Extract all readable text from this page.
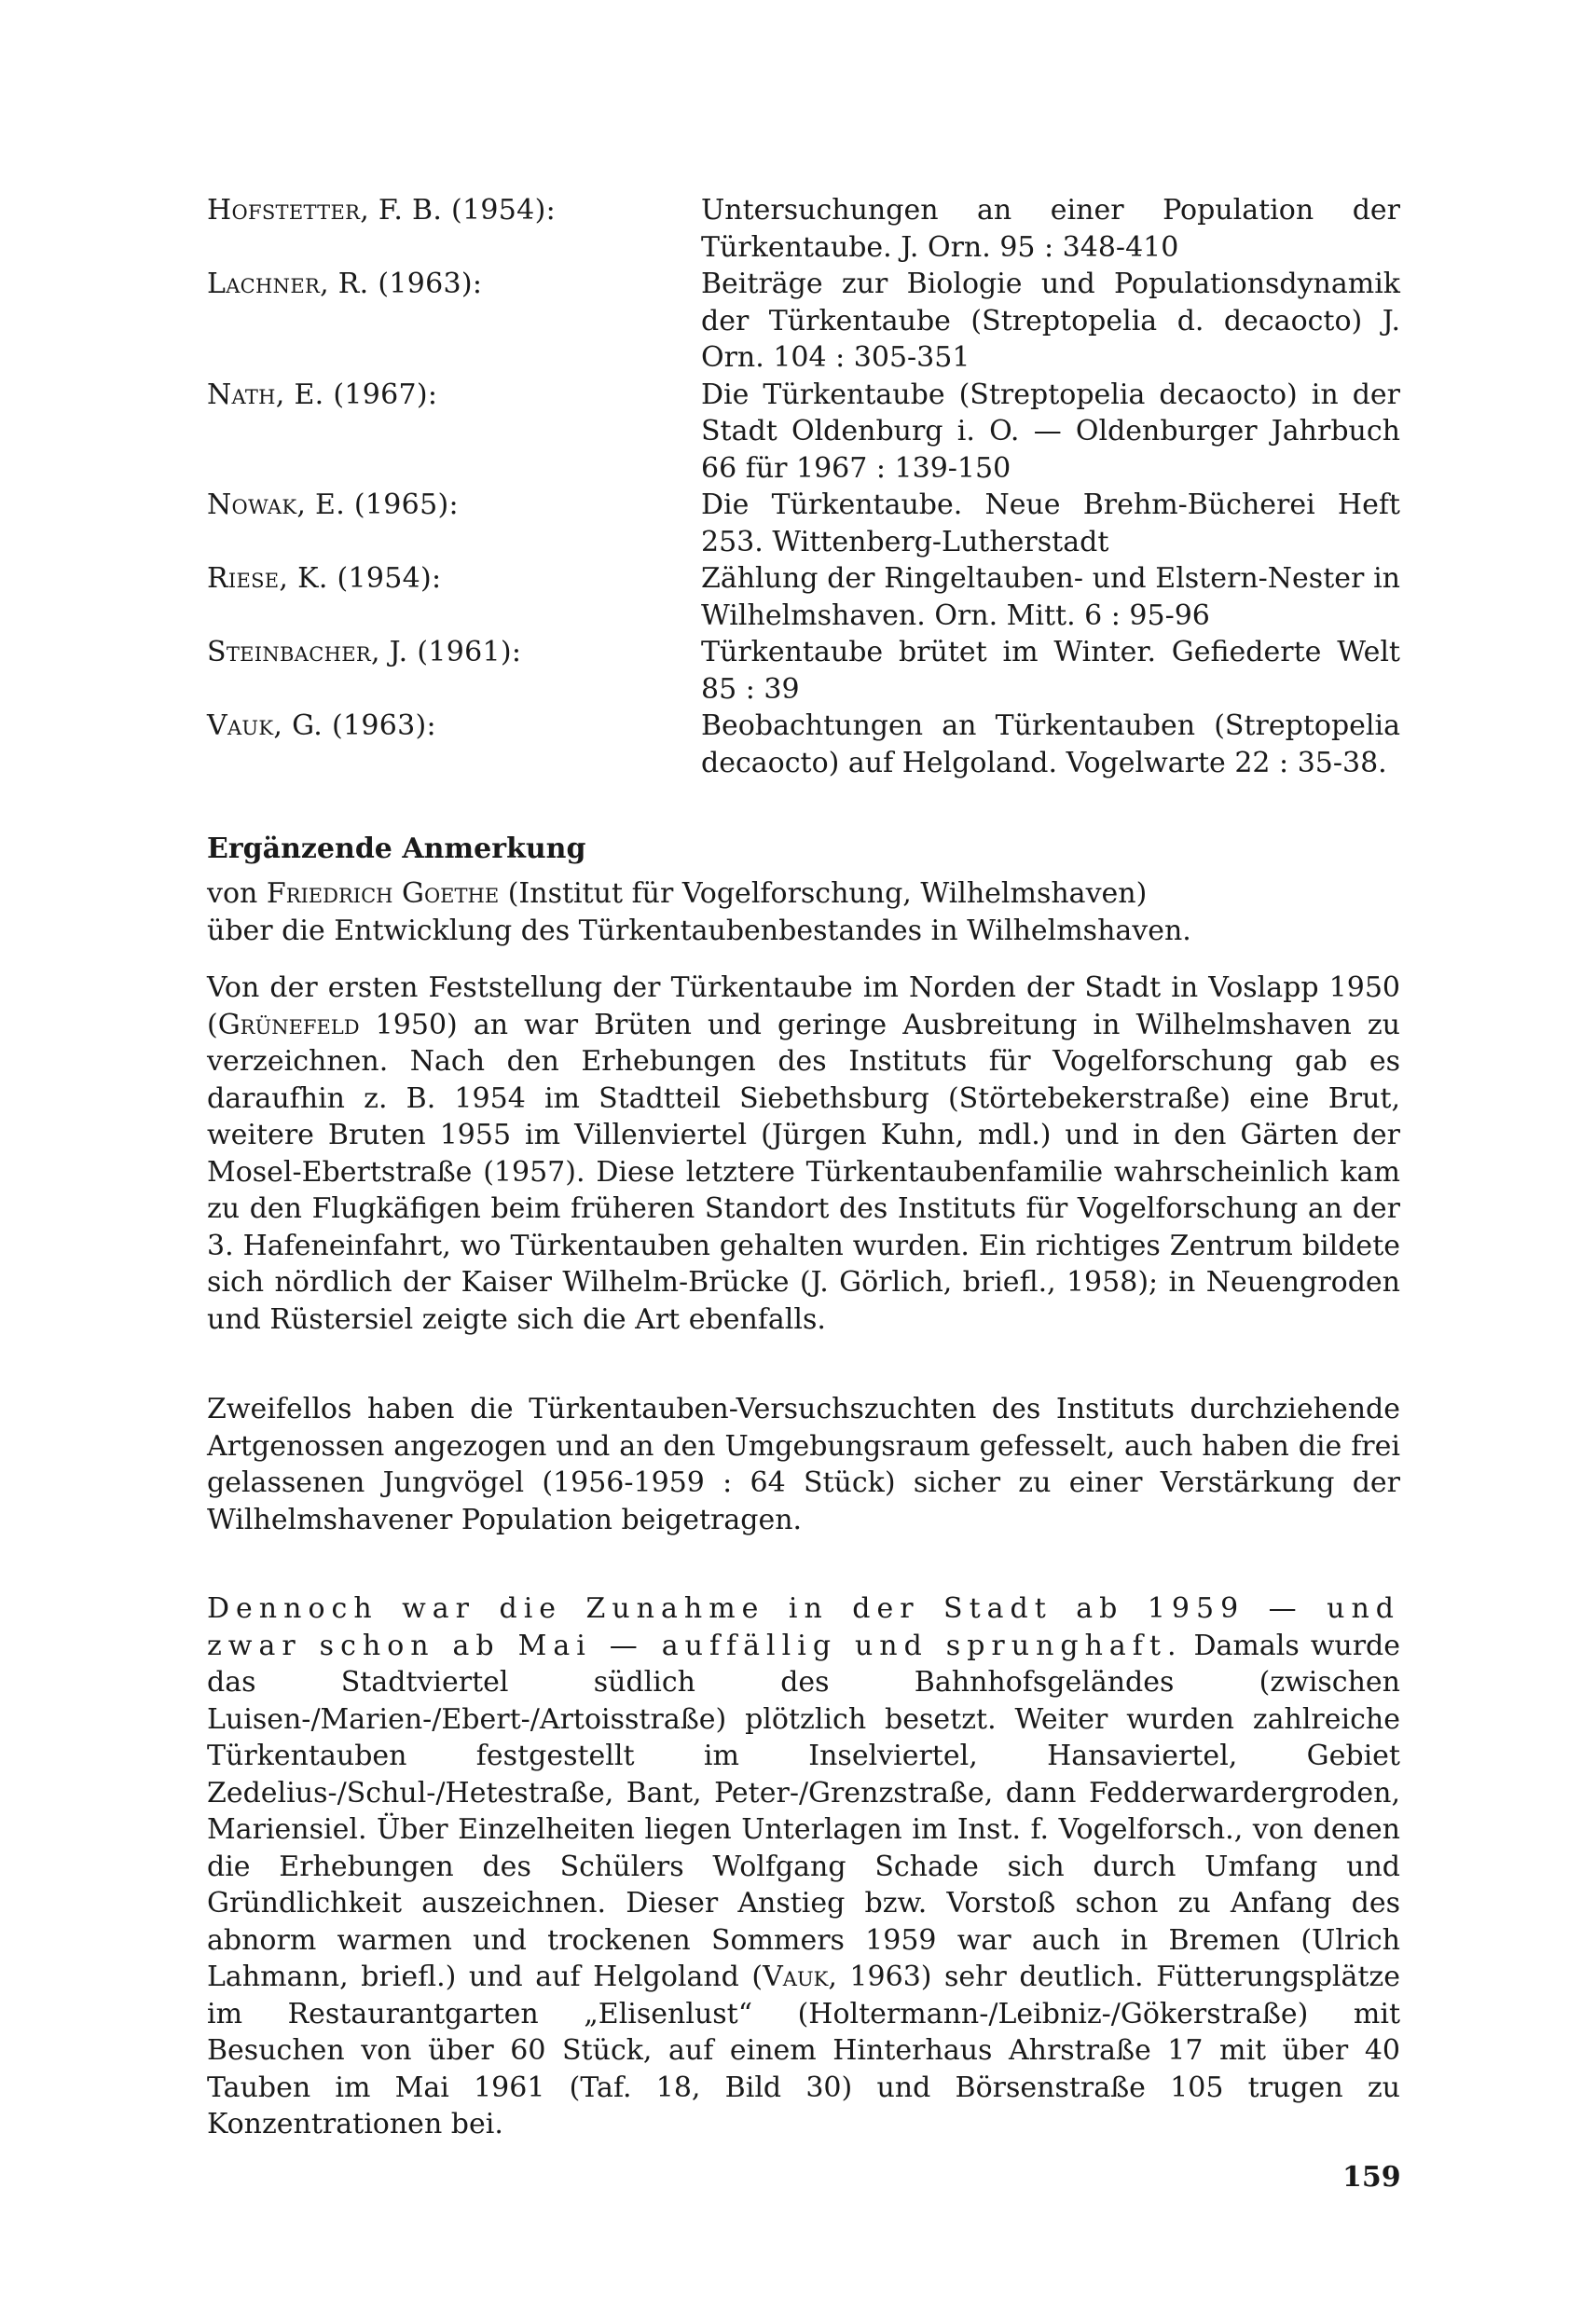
Hofstetter, F. B. (1954):	Untersuchungen an einer Population der Türkentaube. J. Orn. 95 : 348-410
Lachner, R. (1963):	Beiträge zur Biologie und Populationsdynamik der Türkentaube (Streptopelia d. decaocto) J. Orn. 104 : 305-351
Nath, E. (1967):	Die Türkentaube (Streptopelia decaocto) in der Stadt Oldenburg i. O. — Oldenburger Jahrbuch 66 für 1967 : 139-150
Nowak, E. (1965):	Die Türkentaube. Neue Brehm-Bücherei Heft 253. Wittenberg-Lutherstadt
Riese, K. (1954):	Zählung der Ringeltauben- und Elstern-Nester in Wilhelmshaven. Orn. Mitt. 6 : 95-96
Steinbacher, J. (1961):	Türkentaube brütet im Winter. Gefiederte Welt 85 : 39
Vauk, G. (1963):	Beobachtungen an Türkentauben (Streptopelia decaocto) auf Helgoland. Vogelwarte 22 : 35-38.
Ergänzende Anmerkung
von Friedrich Goethe (Institut für Vogelforschung, Wilhelmshaven)
über die Entwicklung des Türkentaubenbestandes in Wilhelmshaven.
Von der ersten Feststellung der Türkentaube im Norden der Stadt in Voslapp 1950 (Grünefeld 1950) an war Brüten und geringe Ausbreitung in Wilhelmshaven zu verzeichnen. Nach den Erhebungen des Instituts für Vogelforschung gab es daraufhin z. B. 1954 im Stadtteil Siebethsburg (Störtebekerstraße) eine Brut, weitere Bruten 1955 im Villenviertel (Jürgen Kuhn, mdl.) und in den Gärten der Mosel-Ebertstraße (1957). Diese letztere Türkentaubenfamilie wahrscheinlich kam zu den Flugkäfigen beim früheren Standort des Instituts für Vogelforschung an der 3. Hafeneinfahrt, wo Türkentauben gehalten wurden. Ein richtiges Zentrum bildete sich nördlich der Kaiser Wilhelm-Brücke (J. Görlich, briefl., 1958); in Neuengroden und Rüstersiel zeigte sich die Art ebenfalls.
Zweifellos haben die Türkentauben-Versuchszuchten des Instituts durchziehende Artgenossen angezogen und an den Umgebungsraum gefesselt, auch haben die frei gelassenen Jungvögel (1956-1959 : 64 Stück) sicher zu einer Verstärkung der Wilhelmshavener Population beigetragen.
Dennoch war die Zunahme in der Stadt ab 1959 — und zwar schon ab Mai — auffällig und sprunghaft. Damals wurde das Stadtviertel südlich des Bahnhofsgeländes (zwischen Luisen-/Marien-/Ebert-/Artoisstraße) plötzlich besetzt. Weiter wurden zahlreiche Türkentauben festgestellt im Inselviertel, Hansaviertel, Gebiet Zedelius-/Schul-/Hetestraße, Bant, Peter-/Grenzstraße, dann Fedderwardergroden, Mariensiel. Über Einzelheiten liegen Unterlagen im Inst. f. Vogelforsch., von denen die Erhebungen des Schülers Wolfgang Schade sich durch Umfang und Gründlichkeit auszeichnen. Dieser Anstieg bzw. Vorstoß schon zu Anfang des abnorm warmen und trockenen Sommers 1959 war auch in Bremen (Ulrich Lahmann, briefl.) und auf Helgoland (Vauk, 1963) sehr deutlich. Fütterungsplätze im Restaurantgarten „Elisenlust“ (Holtermann-/Leibniz-/Gökerstraße) mit Besuchen von über 60 Stück, auf einem Hinterhaus Ahrstraße 17 mit über 40 Tauben im Mai 1961 (Taf. 18, Bild 30) und Börsenstraße 105 trugen zu Konzentrationen bei.
159
